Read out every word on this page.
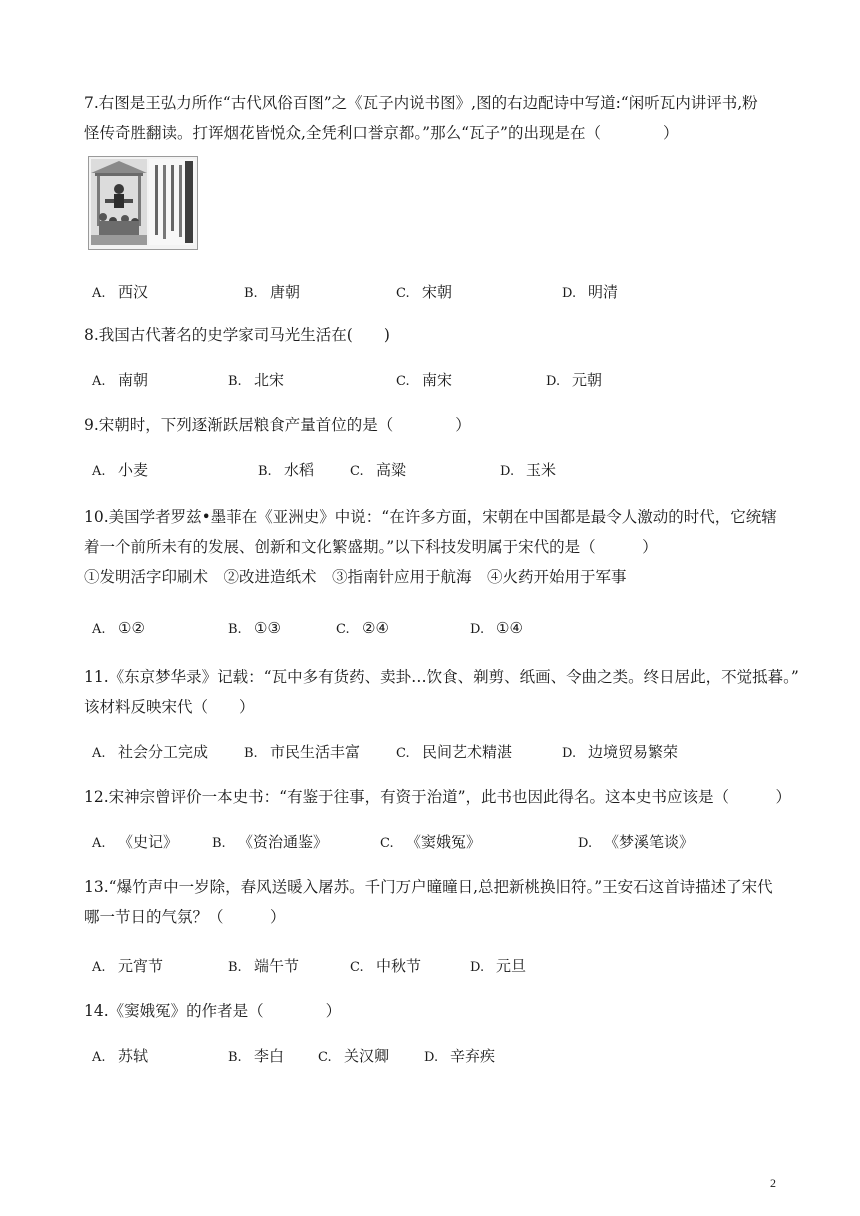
7.右图是王弘力所作“古代风俗百图”之《瓦子内说书图》,图的右边配诗中写道:“闲听瓦内讲评书,粉
怪传奇胜翻读。打诨烟花皆悦众,全凭利口誉京都。”那么“瓦子”的出现是在（　　　　）
A. 西汉	B. 唐朝	C. 宋朝	D. 明清
8.我国古代著名的史学家司马光生活在(　　)
A. 南朝	B. 北宋	C. 南宋	D. 元朝
9.宋朝时，下列逐渐跃居粮食产量首位的是（　　　　）
A. 小麦	B. 水稻	C. 高粱	D. 玉米
10.美国学者罗兹•墨菲在《亚洲史》中说：“在许多方面，宋朝在中国都是最令人激动的时代，它统辖
着一个前所未有的发展、创新和文化繁盛期。”以下科技发明属于宋代的是（　　　）
①发明活字印刷术　②改进造纸术　③指南针应用于航海　④火药开始用于军事
A. ①②	B. ①③	C. ②④	D. ①④
11.《东京梦华录》记载：“瓦中多有货药、卖卦…饮食、剃剪、纸画、令曲之类。终日居此，不觉抵暮。”
该材料反映宋代（　　）
A. 社会分工完成	B. 市民生活丰富	C. 民间艺术精湛	D. 边境贸易繁荣
12.宋神宗曾评价一本史书：“有鉴于往事，有资于治道”，此书也因此得名。这本史书应该是（　　　）
A. 《史记》	B. 《资治通鉴》	C. 《窦娥冤》	D. 《梦溪笔谈》
13.“爆竹声中一岁除，春风送暖入屠苏。千门万户曈曈日,总把新桃换旧符。”王安石这首诗描述了宋代
哪一节日的气氛？（　　　）
A. 元宵节	B. 端午节	C. 中秋节	D. 元旦
14.《窦娥冤》的作者是（　　　　）
A. 苏轼	B. 李白	C. 关汉卿	D. 辛弃疾
2
